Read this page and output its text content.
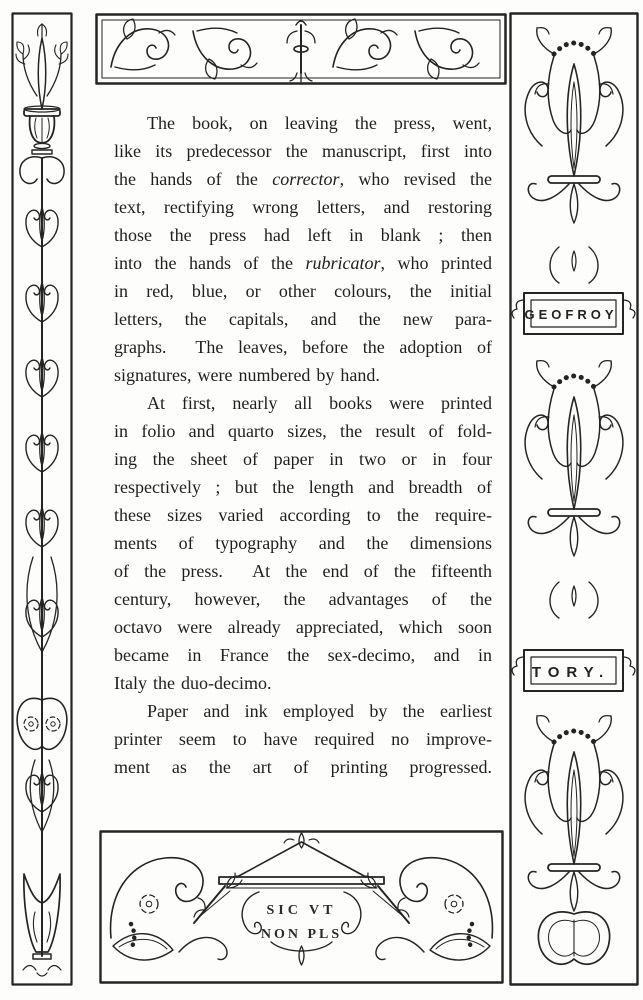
GEOFROY
TORY.
SIC VT
NON PLS
The book, on leaving the press, went,
like its predecessor the manuscript, first into
the hands of the corrector, who revised the
text, rectifying wrong letters, and restoring
those the press had left in blank ; then
into the hands of the rubricator, who printed
in red, blue, or other colours, the initial
letters, the capitals, and the new para-
graphs.  The leaves, before the adoption of
signatures, were numbered by hand.
At first, nearly all books were printed
in folio and quarto sizes, the result of fold-
ing the sheet of paper in two or in four
respectively ; but the length and breadth of
these sizes varied according to the require-
ments of typography and the dimensions
of the press.  At the end of the fifteenth
century, however, the advantages of the
octavo were already appreciated, which soon
became in France the sex-decimo, and in
Italy the duo-decimo.
Paper and ink employed by the earliest
printer seem to have required no improve-
ment as the art of printing progressed.
